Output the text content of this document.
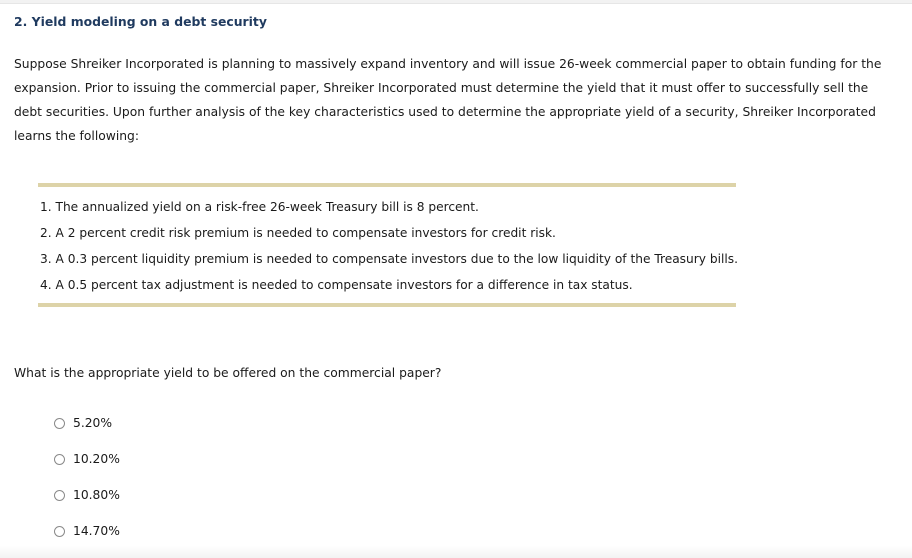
2. Yield modeling on a debt security

Suppose Shreiker Incorporated is planning to massively expand inventory and will issue 26-week commercial paper to obtain funding for the expansion. Prior to issuing the commercial paper, Shreiker Incorporated must determine the yield that it must offer to successfully sell the debt securities. Upon further analysis of the key characteristics used to determine the appropriate yield of a security, Shreiker Incorporated learns the following:

1. The annualized yield on a risk-free 26-week Treasury bill is 8 percent.
2. A 2 percent credit risk premium is needed to compensate investors for credit risk.
3. A 0.3 percent liquidity premium is needed to compensate investors due to the low liquidity of the Treasury bills.
4. A 0.5 percent tax adjustment is needed to compensate investors for a difference in tax status.

What is the appropriate yield to be offered on the commercial paper?

5.20%
10.20%
10.80%
14.70%
